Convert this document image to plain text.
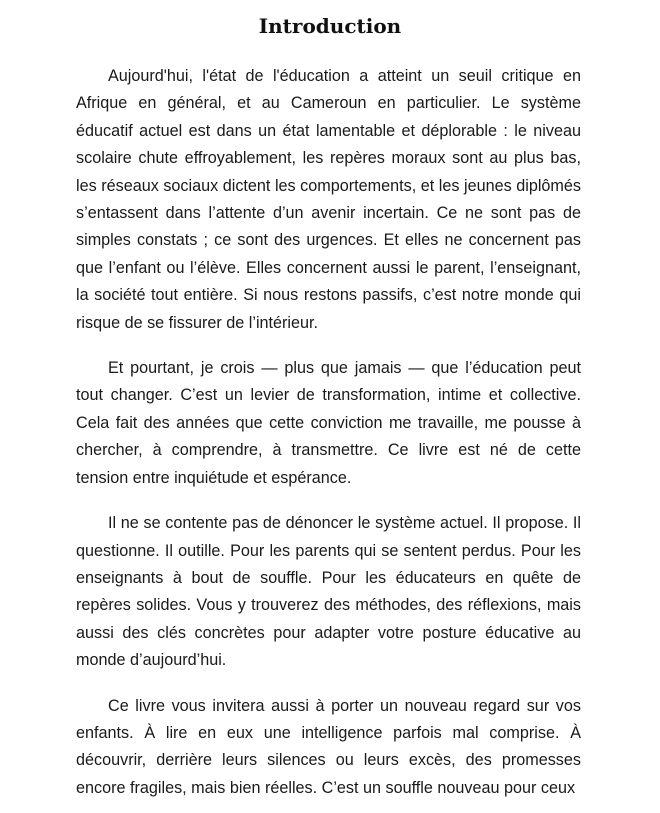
Introduction

Aujourd'hui, l'état de l'éducation a atteint un seuil critique en Afrique en général, et au Cameroun en particulier. Le système éducatif actuel est dans un état lamentable et déplorable : le niveau scolaire chute effroyablement, les repères moraux sont au plus bas, les réseaux sociaux dictent les comportements, et les jeunes diplômés s’entassent dans l’attente d’un avenir incertain. Ce ne sont pas de simples constats ; ce sont des urgences. Et elles ne concernent pas que l’enfant ou l’élève. Elles concernent aussi le parent, l’enseignant, la société tout entière. Si nous restons passifs, c’est notre monde qui risque de se fissurer de l’intérieur.

Et pourtant, je crois — plus que jamais — que l’éducation peut tout changer. C’est un levier de transformation, intime et collective. Cela fait des années que cette conviction me travaille, me pousse à chercher, à comprendre, à transmettre. Ce livre est né de cette tension entre inquiétude et espérance.

Il ne se contente pas de dénoncer le système actuel. Il propose. Il questionne. Il outille. Pour les parents qui se sentent perdus. Pour les enseignants à bout de souffle. Pour les éducateurs en quête de repères solides. Vous y trouverez des méthodes, des réflexions, mais aussi des clés concrètes pour adapter votre posture éducative au monde d’aujourd’hui.

Ce livre vous invitera aussi à porter un nouveau regard sur vos enfants. À lire en eux une intelligence parfois mal comprise. À découvrir, derrière leurs silences ou leurs excès, des promesses encore fragiles, mais bien réelles. C’est un souffle nouveau pour ceux
